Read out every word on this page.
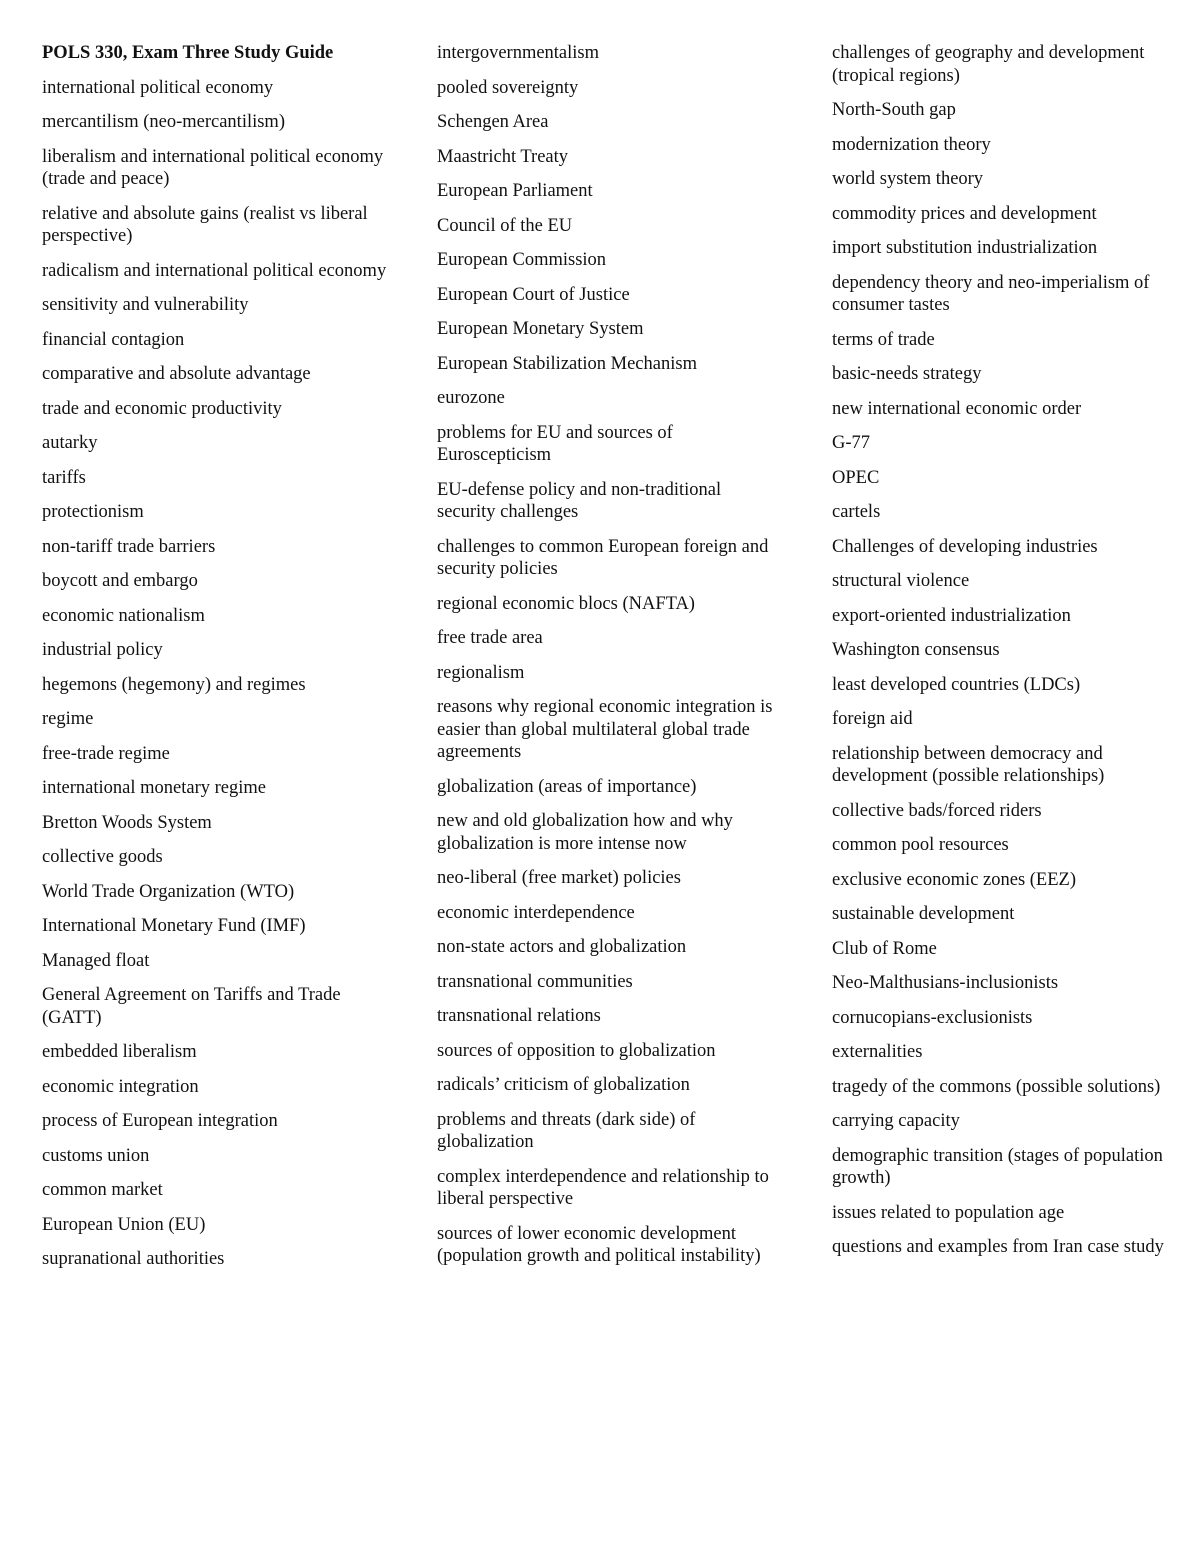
POLS 330, Exam Three Study Guide
international political economy
mercantilism (neo-mercantilism)
liberalism and international political economy (trade and peace)
relative and absolute gains (realist vs liberal perspective)
radicalism and international political economy
sensitivity and vulnerability
financial contagion
comparative and absolute advantage
trade and economic productivity
autarky
tariffs
protectionism
non-tariff trade barriers
boycott and embargo
economic nationalism
industrial policy
hegemons (hegemony) and regimes
regime
free-trade regime
international monetary regime
Bretton Woods System
collective goods
World Trade Organization (WTO)
International Monetary Fund (IMF)
Managed float
General Agreement on Tariffs and Trade (GATT)
embedded liberalism
economic integration
process of European integration
customs union
common market
European Union (EU)
supranational authorities
intergovernmentalism
pooled sovereignty
Schengen Area
Maastricht Treaty
European Parliament
Council of the EU
European Commission
European Court of Justice
European Monetary System
European Stabilization Mechanism
eurozone
problems for EU and sources of Euroscepticism
EU-defense policy and non-traditional security challenges
challenges to common European foreign and security policies
regional economic blocs (NAFTA)
free trade area
regionalism
reasons why regional economic integration is easier than global multilateral global trade agreements
globalization (areas of importance)
new and old globalization how and why globalization is more intense now
neo-liberal (free market) policies
economic interdependence
non-state actors and globalization
transnational communities
transnational relations
sources of opposition to globalization
radicals’ criticism of globalization
problems and threats (dark side) of globalization
complex interdependence and relationship to liberal perspective
sources of lower economic development (population growth and political instability)
challenges of geography and development (tropical regions)
North-South gap
modernization theory
world system theory
commodity prices and development
import substitution industrialization
dependency theory and neo-imperialism of consumer tastes
terms of trade
basic-needs strategy
new international economic order
G-77
OPEC
cartels
Challenges of developing industries
structural violence
export-oriented industrialization
Washington consensus
least developed countries (LDCs)
foreign aid
relationship between democracy and development (possible relationships)
collective bads/forced riders
common pool resources
exclusive economic zones (EEZ)
sustainable development
Club of Rome
Neo-Malthusians-inclusionists
cornucopians-exclusionists
externalities
tragedy of the commons (possible solutions)
carrying capacity
demographic transition (stages of population growth)
issues related to population age
questions and examples from Iran case study
